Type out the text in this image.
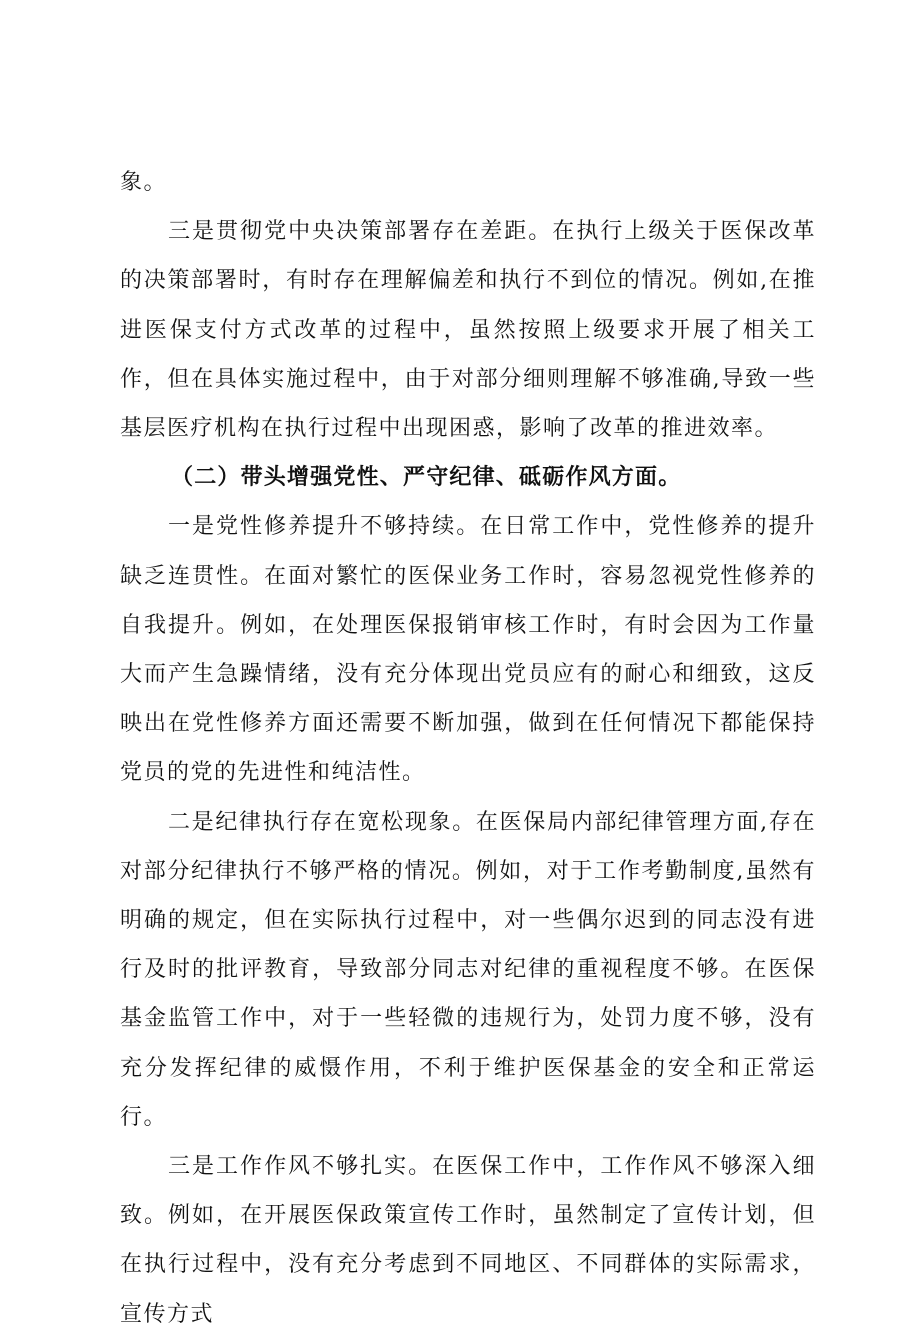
象。

三是贯彻党中央决策部署存在差距。在执行上级关于医保改革的决策部署时，有时存在理解偏差和执行不到位的情况。例如,在推进医保支付方式改革的过程中，虽然按照上级要求开展了相关工作，但在具体实施过程中，由于对部分细则理解不够准确,导致一些基层医疗机构在执行过程中出现困惑，影响了改革的推进效率。

（二）带头增强党性、严守纪律、砥砺作风方面。

一是党性修养提升不够持续。在日常工作中，党性修养的提升缺乏连贯性。在面对繁忙的医保业务工作时，容易忽视党性修养的自我提升。例如，在处理医保报销审核工作时，有时会因为工作量大而产生急躁情绪，没有充分体现出党员应有的耐心和细致，这反映出在党性修养方面还需要不断加强，做到在任何情况下都能保持党员的党的先进性和纯洁性。

二是纪律执行存在宽松现象。在医保局内部纪律管理方面,存在对部分纪律执行不够严格的情况。例如，对于工作考勤制度,虽然有明确的规定，但在实际执行过程中，对一些偶尔迟到的同志没有进行及时的批评教育，导致部分同志对纪律的重视程度不够。在医保基金监管工作中，对于一些轻微的违规行为，处罚力度不够，没有充分发挥纪律的威慑作用，不利于维护医保基金的安全和正常运行。

三是工作作风不够扎实。在医保工作中，工作作风不够深入细致。例如，在开展医保政策宣传工作时，虽然制定了宣传计划，但在执行过程中，没有充分考虑到不同地区、不同群体的实际需求，宣传方式
